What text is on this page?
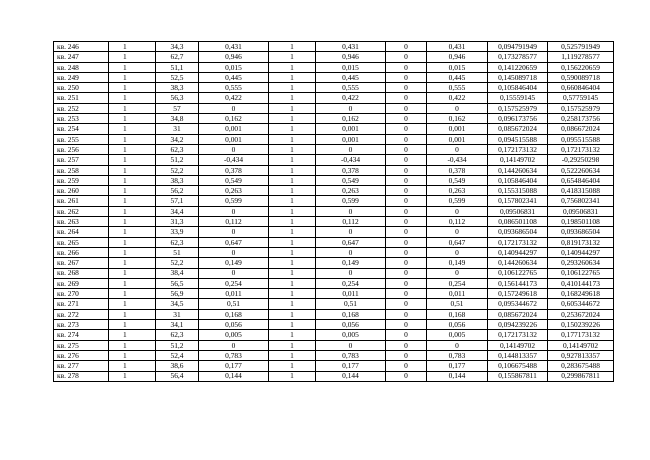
кв. 246	1	34,3	0,431	1	0,431	0	0,431	0,094791949	0,525791949
кв. 247	1	62,7	0,946	1	0,946	0	0,946	0,173278577	1,119278577
кв. 248	1	51,1	0,015	1	0,015	0	0,015	0,141220659	0,156220659
кв. 249	1	52,5	0,445	1	0,445	0	0,445	0,145089718	0,590089718
кв. 250	1	38,3	0,555	1	0,555	0	0,555	0,105846404	0,660846404
кв. 251	1	56,3	0,422	1	0,422	0	0,422	0,15559145	0,57759145
кв. 252	1	57	0	1	0	0	0	0,157525979	0,157525979
кв. 253	1	34,8	0,162	1	0,162	0	0,162	0,096173756	0,258173756
кв. 254	1	31	0,001	1	0,001	0	0,001	0,085672024	0,086672024
кв. 255	1	34,2	0,001	1	0,001	0	0,001	0,094515588	0,095515588
кв. 256	1	62,3	0	1	0	0	0	0,172173132	0,172173132
кв. 257	1	51,2	-0,434	1	-0,434	0	-0,434	0,14149702	-0,29250298
кв. 258	1	52,2	0,378	1	0,378	0	0,378	0,144260634	0,522260634
кв. 259	1	38,3	0,549	1	0,549	0	0,549	0,105846404	0,654846404
кв. 260	1	56,2	0,263	1	0,263	0	0,263	0,155315088	0,418315088
кв. 261	1	57,1	0,599	1	0,599	0	0,599	0,157802341	0,756802341
кв. 262	1	34,4	0	1	0	0	0	0,09506831	0,09506831
кв. 263	1	31,3	0,112	1	0,112	0	0,112	0,086501108	0,198501108
кв. 264	1	33,9	0	1	0	0	0	0,093686504	0,093686504
кв. 265	1	62,3	0,647	1	0,647	0	0,647	0,172173132	0,819173132
кв. 266	1	51	0	1	0	0	0	0,140944297	0,140944297
кв. 267	1	52,2	0,149	1	0,149	0	0,149	0,144260634	0,293260634
кв. 268	1	38,4	0	1	0	0	0	0,106122765	0,106122765
кв. 269	1	56,5	0,254	1	0,254	0	0,254	0,156144173	0,410144173
кв. 270	1	56,9	0,011	1	0,011	0	0,011	0,157249618	0,168249618
кв. 271	1	34,5	0,51	1	0,51	0	0,51	0,095344672	0,605344672
кв. 272	1	31	0,168	1	0,168	0	0,168	0,085672024	0,253672024
кв. 273	1	34,1	0,056	1	0,056	0	0,056	0,094239226	0,150239226
кв. 274	1	62,3	0,005	1	0,005	0	0,005	0,172173132	0,177173132
кв. 275	1	51,2	0	1	0	0	0	0,14149702	0,14149702
кв. 276	1	52,4	0,783	1	0,783	0	0,783	0,144813357	0,927813357
кв. 277	1	38,6	0,177	1	0,177	0	0,177	0,106675488	0,283675488
кв. 278	1	56,4	0,144	1	0,144	0	0,144	0,155867811	0,299867811
